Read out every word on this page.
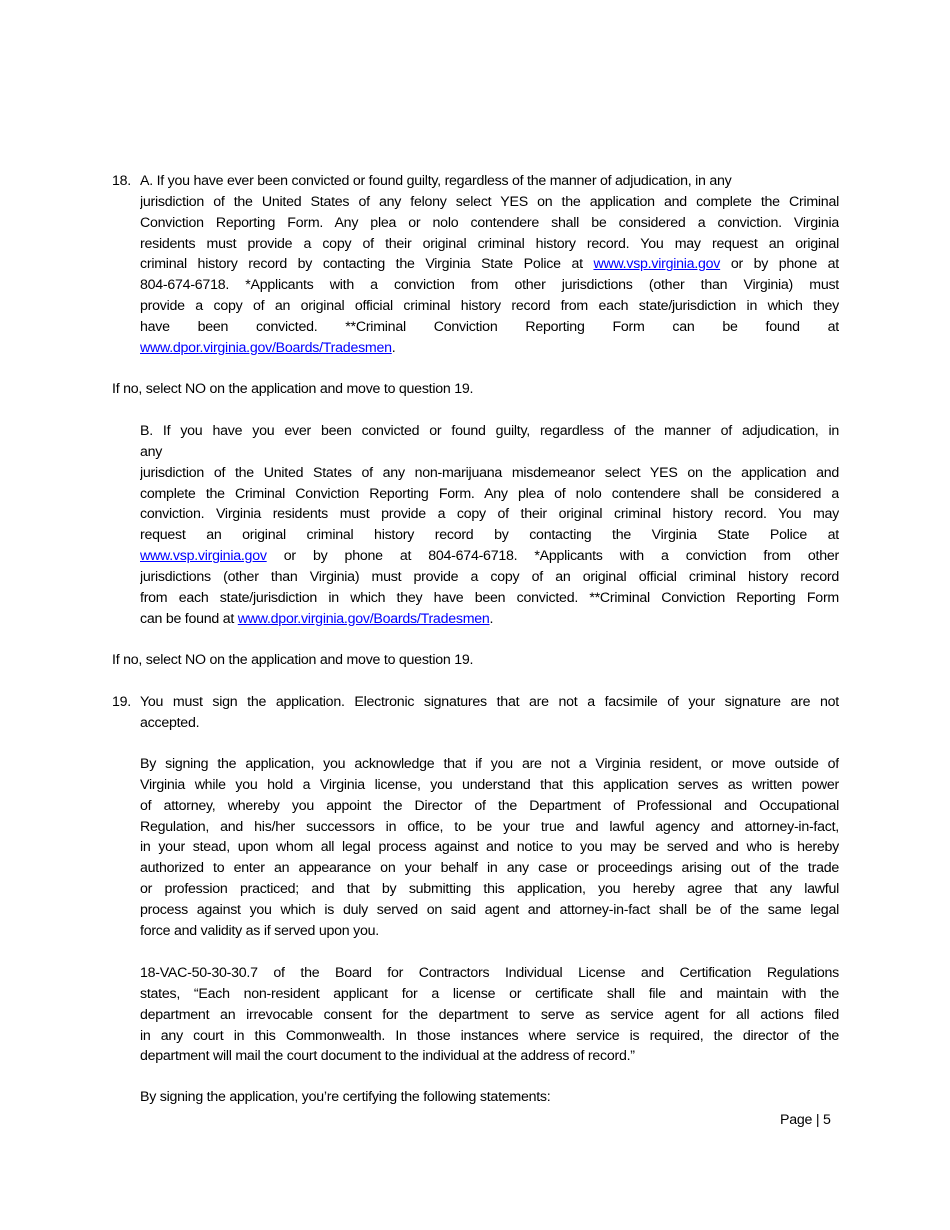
18. A. If you have ever been convicted or found guilty, regardless of the manner of adjudication, in any
jurisdiction of the United States of any felony select YES on the application and complete the Criminal
Conviction Reporting Form. Any plea or nolo contendere shall be considered a conviction. Virginia
residents must provide a copy of their original criminal history record. You may request an original
criminal history record by contacting the Virginia State Police at www.vsp.virginia.gov or by phone at
804-674-6718. *Applicants with a conviction from other jurisdictions (other than Virginia) must
provide a copy of an original official criminal history record from each state/jurisdiction in which they
have been convicted. **Criminal Conviction Reporting Form can be found at
www.dpor.virginia.gov/Boards/Tradesmen.
If no, select NO on the application and move to question 19.
B. If you have you ever been convicted or found guilty, regardless of the manner of adjudication, in
any
jurisdiction of the United States of any non-marijuana misdemeanor select YES on the application and
complete the Criminal Conviction Reporting Form. Any plea of nolo contendere shall be considered a
conviction. Virginia residents must provide a copy of their original criminal history record. You may
request an original criminal history record by contacting the Virginia State Police at
www.vsp.virginia.gov or by phone at 804-674-6718. *Applicants with a conviction from other
jurisdictions (other than Virginia) must provide a copy of an original official criminal history record
from each state/jurisdiction in which they have been convicted. **Criminal Conviction Reporting Form
can be found at www.dpor.virginia.gov/Boards/Tradesmen.
If no, select NO on the application and move to question 19.
19. You must sign the application. Electronic signatures that are not a facsimile of your signature are not
accepted.
By signing the application, you acknowledge that if you are not a Virginia resident, or move outside of
Virginia while you hold a Virginia license, you understand that this application serves as written power
of attorney, whereby you appoint the Director of the Department of Professional and Occupational
Regulation, and his/her successors in office, to be your true and lawful agency and attorney-in-fact,
in your stead, upon whom all legal process against and notice to you may be served and who is hereby
authorized to enter an appearance on your behalf in any case or proceedings arising out of the trade
or profession practiced; and that by submitting this application, you hereby agree that any lawful
process against you which is duly served on said agent and attorney-in-fact shall be of the same legal
force and validity as if served upon you.
18-VAC-50-30-30.7 of the Board for Contractors Individual License and Certification Regulations
states, “Each non-resident applicant for a license or certificate shall file and maintain with the
department an irrevocable consent for the department to serve as service agent for all actions filed
in any court in this Commonwealth. In those instances where service is required, the director of the
department will mail the court document to the individual at the address of record.”
By signing the application, you’re certifying the following statements:
Page | 5
